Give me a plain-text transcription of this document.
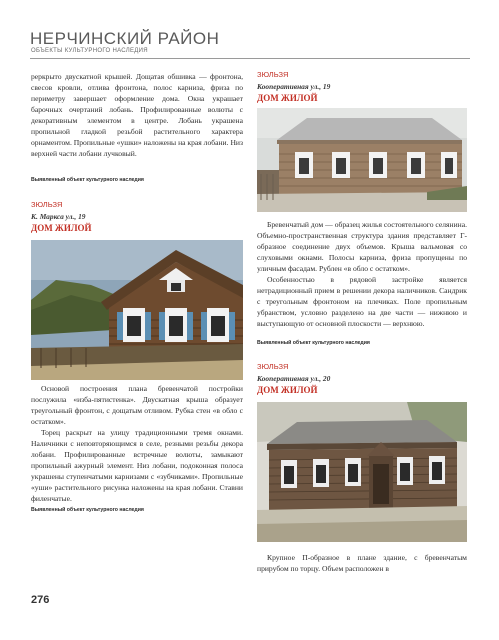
НЕРЧИНСКИЙ РАЙОН
ОБЪЕКТЫ КУЛЬТУРНОГО НАСЛЕДИЯ

реркрыто двускатной крышей. Дощатая обшивка — фронтона, свесов кровли, отлива фронтона, полос карниза, фриза по периметру завершает оформление дома. Окна украшает барочных очертаний лобань. Профилированные волюты с декоративным элементом в центре. Лобань украшена пропильной гладкой резьбой растительного характера орнаментом. Пропильные «ушки» наложены на края лобани. Низ верхней части лобани лучковый.

Выявленный объект культурного наследия
ЗЮЛЬЗЯ
К. Маркса ул., 19
ДОМ ЖИЛОЙ

Основой построения плана бревенчатой постройки послужила «изба-пятистенка». Двускатная крыша образует треугольный фронтон, с дощатым отливом. Рубка стен «в обло с остатком».

Торец раскрыт на улицу традиционными тремя окнами. Наличники с неповторяющимся в селе, резными резьбы декора лобани. Профилированные встречные волюты, замыкают пропильный ажурный элемент. Низ лобани, подоконная полоса украшены ступенчатыми карнизами с «зубчиками». Пропильные «уши» растительного рисунка наложены на края лобани. Ставни филенчатые.

Выявленный объект культурного наследия
ЗЮЛЬЗЯ
Кооперативная ул., 19
ДОМ ЖИЛОЙ

Бревенчатый дом — образец жилья состоятельного селянина. Объемно-пространственная структура здания представляет Г-образное соединение двух объемов. Крыша вальмовая со слуховыми окнами. Полосы карниза, фриза пропущены по уличным фасадам. Рублен «в обло с остатком».

Особенностью в рядовой застройке является нетрадиционный прием в решении декора наличников. Сандрик с треугольным фронтоном на плечиках. Поле пропильным убранством, условно разделено на две части — нижнюю и выступающую от основной плоскости — верхнюю.

Выявленный объект культурного наследия
ЗЮЛЬЗЯ
Кооперативная ул., 20
ДОМ ЖИЛОЙ

Крупное П-образное в плане здание, с бревенчатым прирубом по торцу. Объем расположен в

276
